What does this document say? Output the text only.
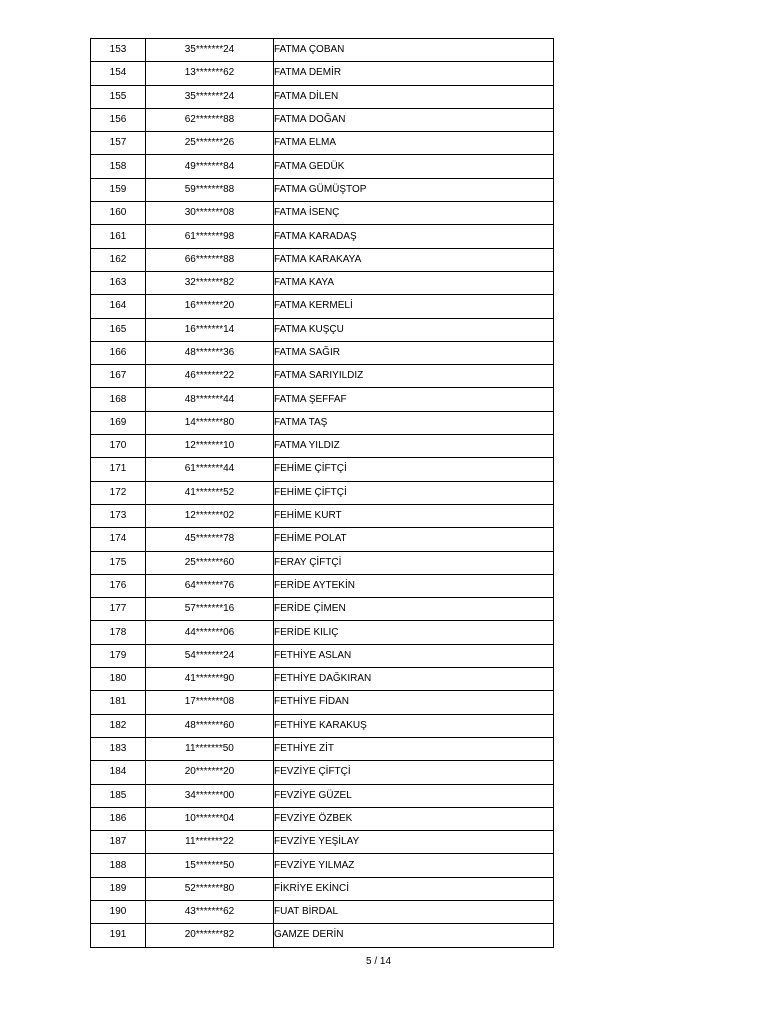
153	35*******24	FATMA ÇOBAN
154	13*******62	FATMA DEMİR
155	35*******24	FATMA DİLEN
156	62*******88	FATMA DOĞAN
157	25*******26	FATMA ELMA
158	49*******84	FATMA GEDÜK
159	59*******88	FATMA GÜMÜŞTOP
160	30*******08	FATMA İSENÇ
161	61*******98	FATMA KARADAŞ
162	66*******88	FATMA KARAKAYA
163	32*******82	FATMA KAYA
164	16*******20	FATMA KERMELİ
165	16*******14	FATMA KUŞÇU
166	48*******36	FATMA SAĞIR
167	46*******22	FATMA SARIYILDIZ
168	48*******44	FATMA ŞEFFAF
169	14*******80	FATMA TAŞ
170	12*******10	FATMA YILDIZ
171	61*******44	FEHİME ÇİFTÇİ
172	41*******52	FEHİME ÇİFTÇİ
173	12*******02	FEHİME KURT
174	45*******78	FEHİME POLAT
175	25*******60	FERAY ÇİFTÇİ
176	64*******76	FERİDE AYTEKİN
177	57*******16	FERİDE ÇİMEN
178	44*******06	FERİDE KILIÇ
179	54*******24	FETHİYE ASLAN
180	41*******90	FETHİYE DAĞKIRAN
181	17*******08	FETHİYE FİDAN
182	48*******60	FETHİYE KARAKUŞ
183	11*******50	FETHİYE ZİT
184	20*******20	FEVZİYE ÇİFTÇİ
185	34*******00	FEVZİYE GÜZEL
186	10*******04	FEVZİYE ÖZBEK
187	11*******22	FEVZİYE YEŞİLAY
188	15*******50	FEVZİYE YILMAZ
189	52*******80	FİKRİYE EKİNCİ
190	43*******62	FUAT BİRDAL
191	20*******82	GAMZE DERİN
5 / 14
